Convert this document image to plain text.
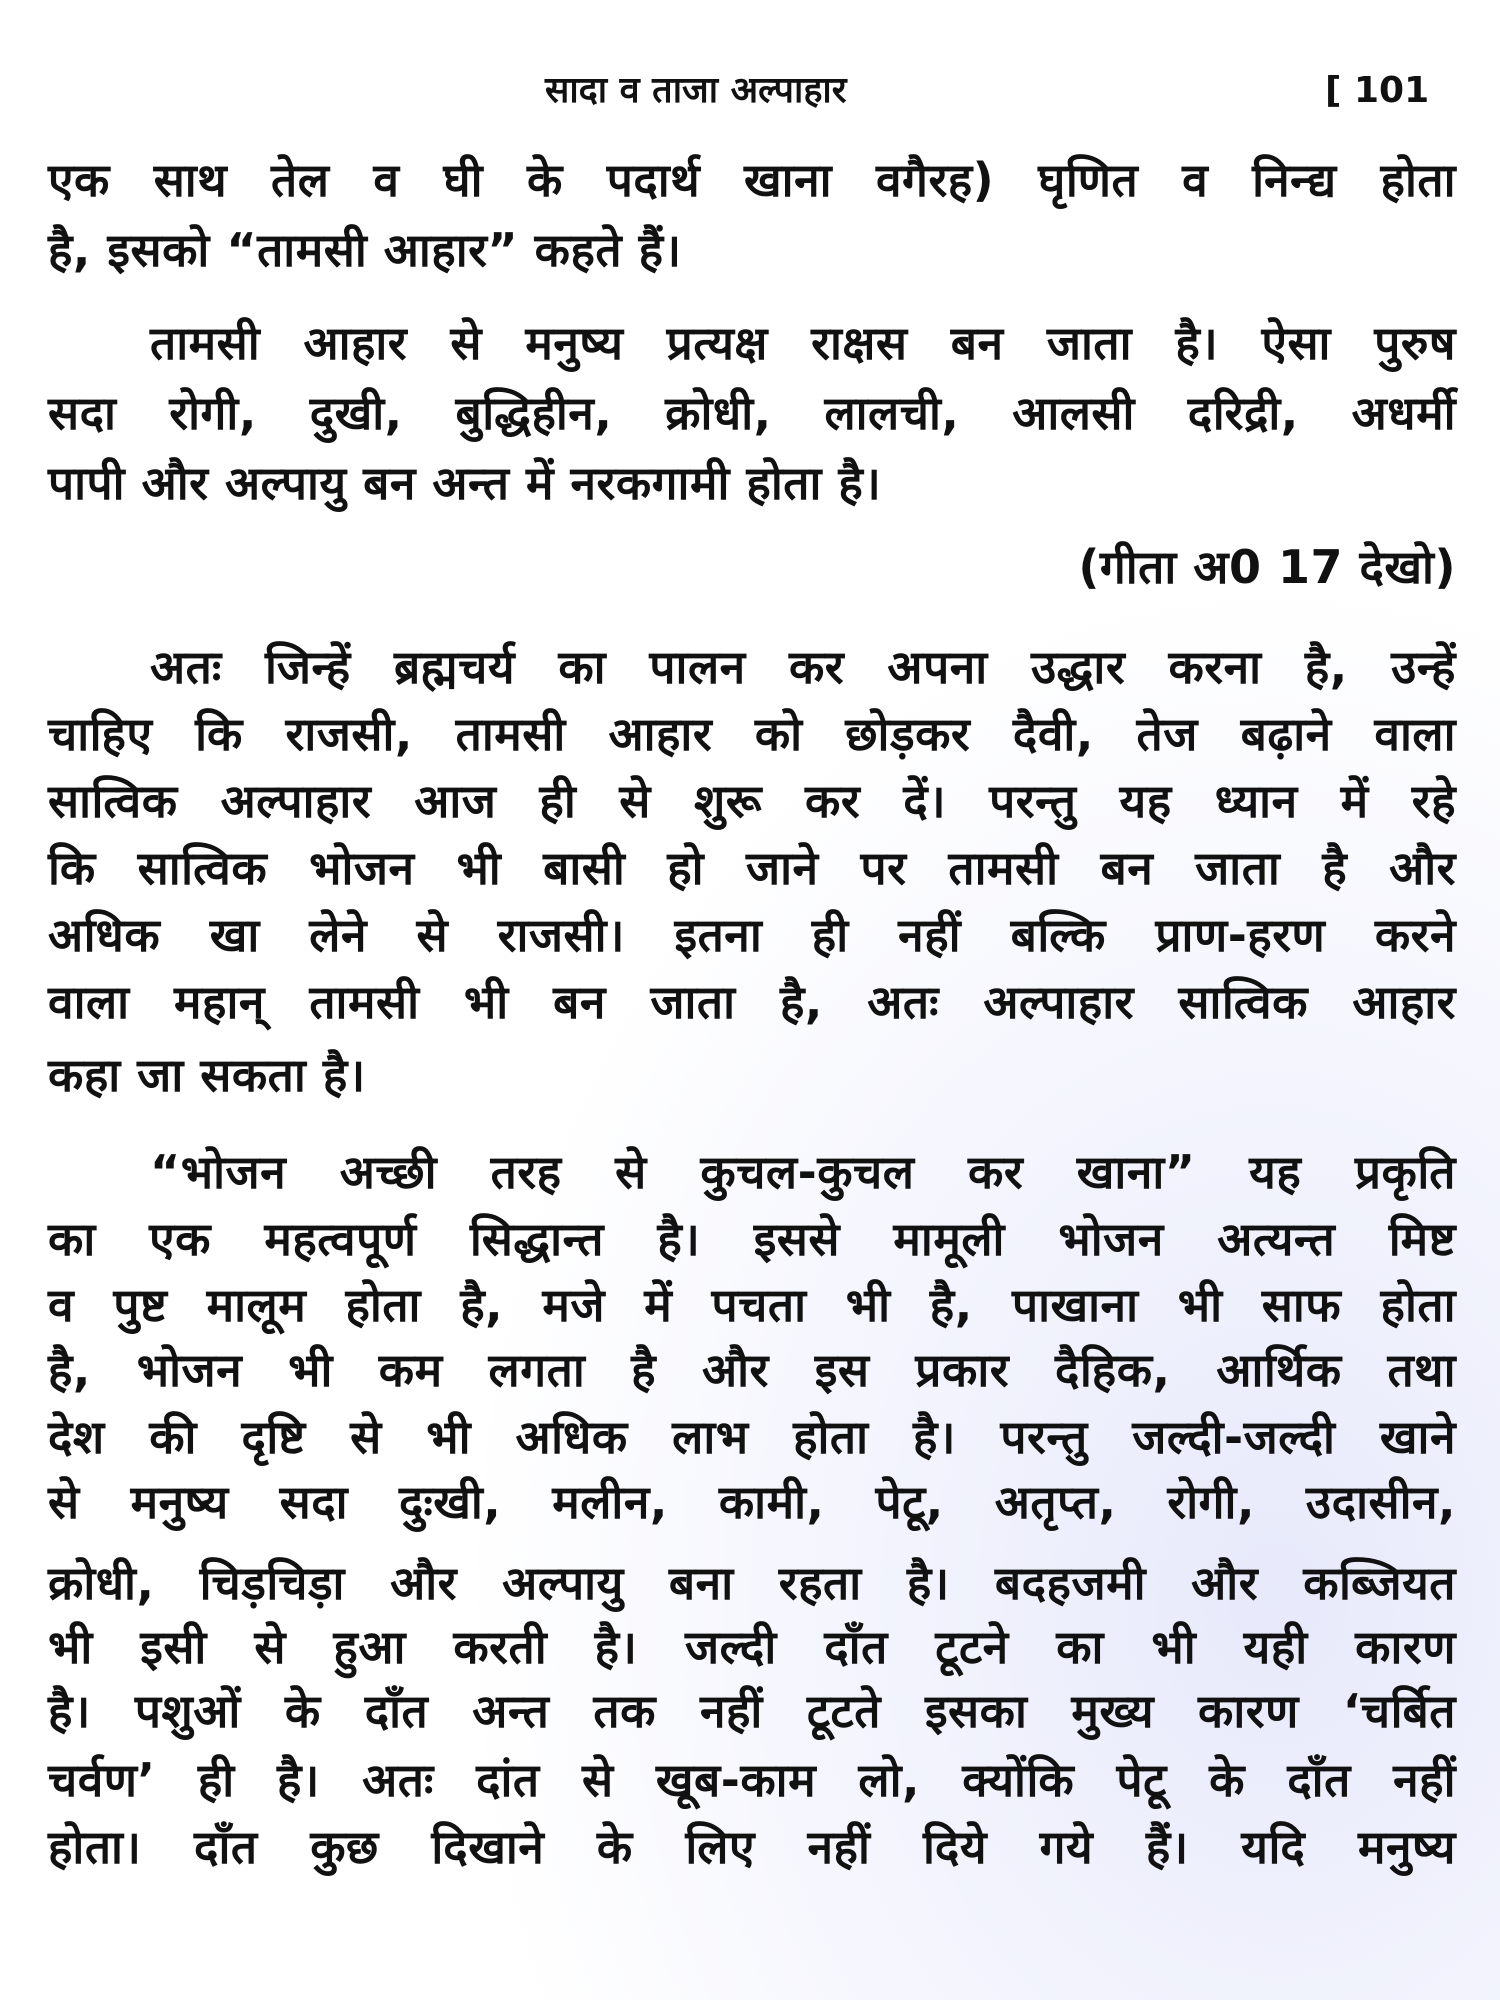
सादा व ताजा अल्पाहार	[ 101
एक साथ तेल व घी के पदार्थ खाना वगैरह) घृणित व निन्द्य होता
है, इसको “तामसी आहार” कहते हैं।
तामसी आहार से मनुष्य प्रत्यक्ष राक्षस बन जाता है। ऐसा पुरुष
सदा रोगी, दुखी, बुद्धिहीन, क्रोधी, लालची, आलसी दरिद्री, अधर्मी
पापी और अल्पायु बन अन्त में नरकगामी होता है।
(गीता अ0 17 देखो)
अतः जिन्हें ब्रह्मचर्य का पालन कर अपना उद्धार करना है, उन्हें
चाहिए कि राजसी, तामसी आहार को छोड़कर दैवी, तेज बढ़ाने वाला
सात्विक अल्पाहार आज ही से शुरू कर दें। परन्तु यह ध्यान में रहे
कि सात्विक भोजन भी बासी हो जाने पर तामसी बन जाता है और
अधिक खा लेने से राजसी। इतना ही नहीं बल्कि प्राण-हरण करने
वाला महान् तामसी भी बन जाता है, अतः अल्पाहार सात्विक आहार
कहा जा सकता है।
“भोजन अच्छी तरह से कुचल-कुचल कर खाना” यह प्रकृति
का एक महत्वपूर्ण सिद्धान्त है। इससे मामूली भोजन अत्यन्त मिष्ट
व पुष्ट मालूम होता है, मजे में पचता भी है, पाखाना भी साफ होता
है, भोजन भी कम लगता है और इस प्रकार दैहिक, आर्थिक तथा
देश की दृष्टि से भी अधिक लाभ होता है। परन्तु जल्दी-जल्दी खाने
से मनुष्य सदा दुःखी, मलीन, कामी, पेटू, अतृप्त, रोगी, उदासीन,
क्रोधी, चिड़चिड़ा और अल्पायु बना रहता है। बदहजमी और कब्जियत
भी इसी से हुआ करती है। जल्दी दाँत टूटने का भी यही कारण
है। पशुओं के दाँत अन्त तक नहीं टूटते इसका मुख्य कारण ‘चर्बित
चर्वण’ ही है। अतः दांत से खूब-काम लो, क्योंकि पेटू के दाँत नहीं
होता। दाँत कुछ दिखाने के लिए नहीं दिये गये हैं। यदि मनुष्य
